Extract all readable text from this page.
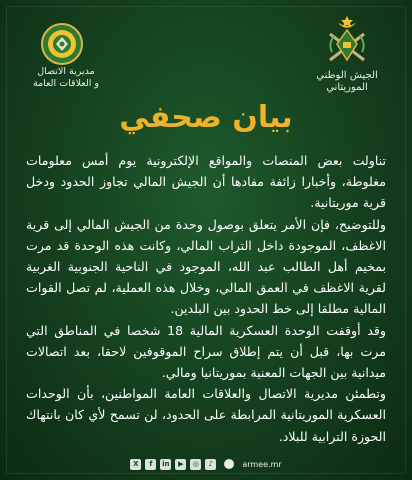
مديرية الاتصال
و العلاقات العامة
الجيش الوطني
الموريتاني
بيان صحفي

تناولت بعض المنصات والمواقع الإلكترونية يوم أمس معلومات مغلوطة، وأخبارا زائفة مفادها أن الجيش المالي تجاوز الحدود ودخل قرية موريتانية.

وللتوضيح، فإن الأمر يتعلق بوصول وحدة من الجيش المالي إلى قرية الاغظف، الموجودة داخل التراب المالي، وكانت هذه الوحدة قد مرت بمخيم أهل الطالب عبد الله، الموجود في الناحية الجنوبية الغربية لقرية الاغظف في العمق المالي، وخلال هذه العملية، لم تصل القوات المالية مطلقا إلى خط الحدود بين البلدين.

وقد أوقفت الوحدة العسكرية المالية 18 شخصا في المناطق التي مرت بها، قبل أن يتم إطلاق سراح الموقوفين لاحقا، بعد اتصالات ميدانية بين الجهات المعنية بموريتانيا ومالي.

وتطمئن مديرية الاتصال والعلاقات العامة المواطنين، بأن الوحدات العسكرية الموريتانية المرابطة على الحدود، لن تسمح لأي كان بانتهاك الحوزة الترابية للبلاد.

X	f	in	▶	◎	♪	armee.mr
